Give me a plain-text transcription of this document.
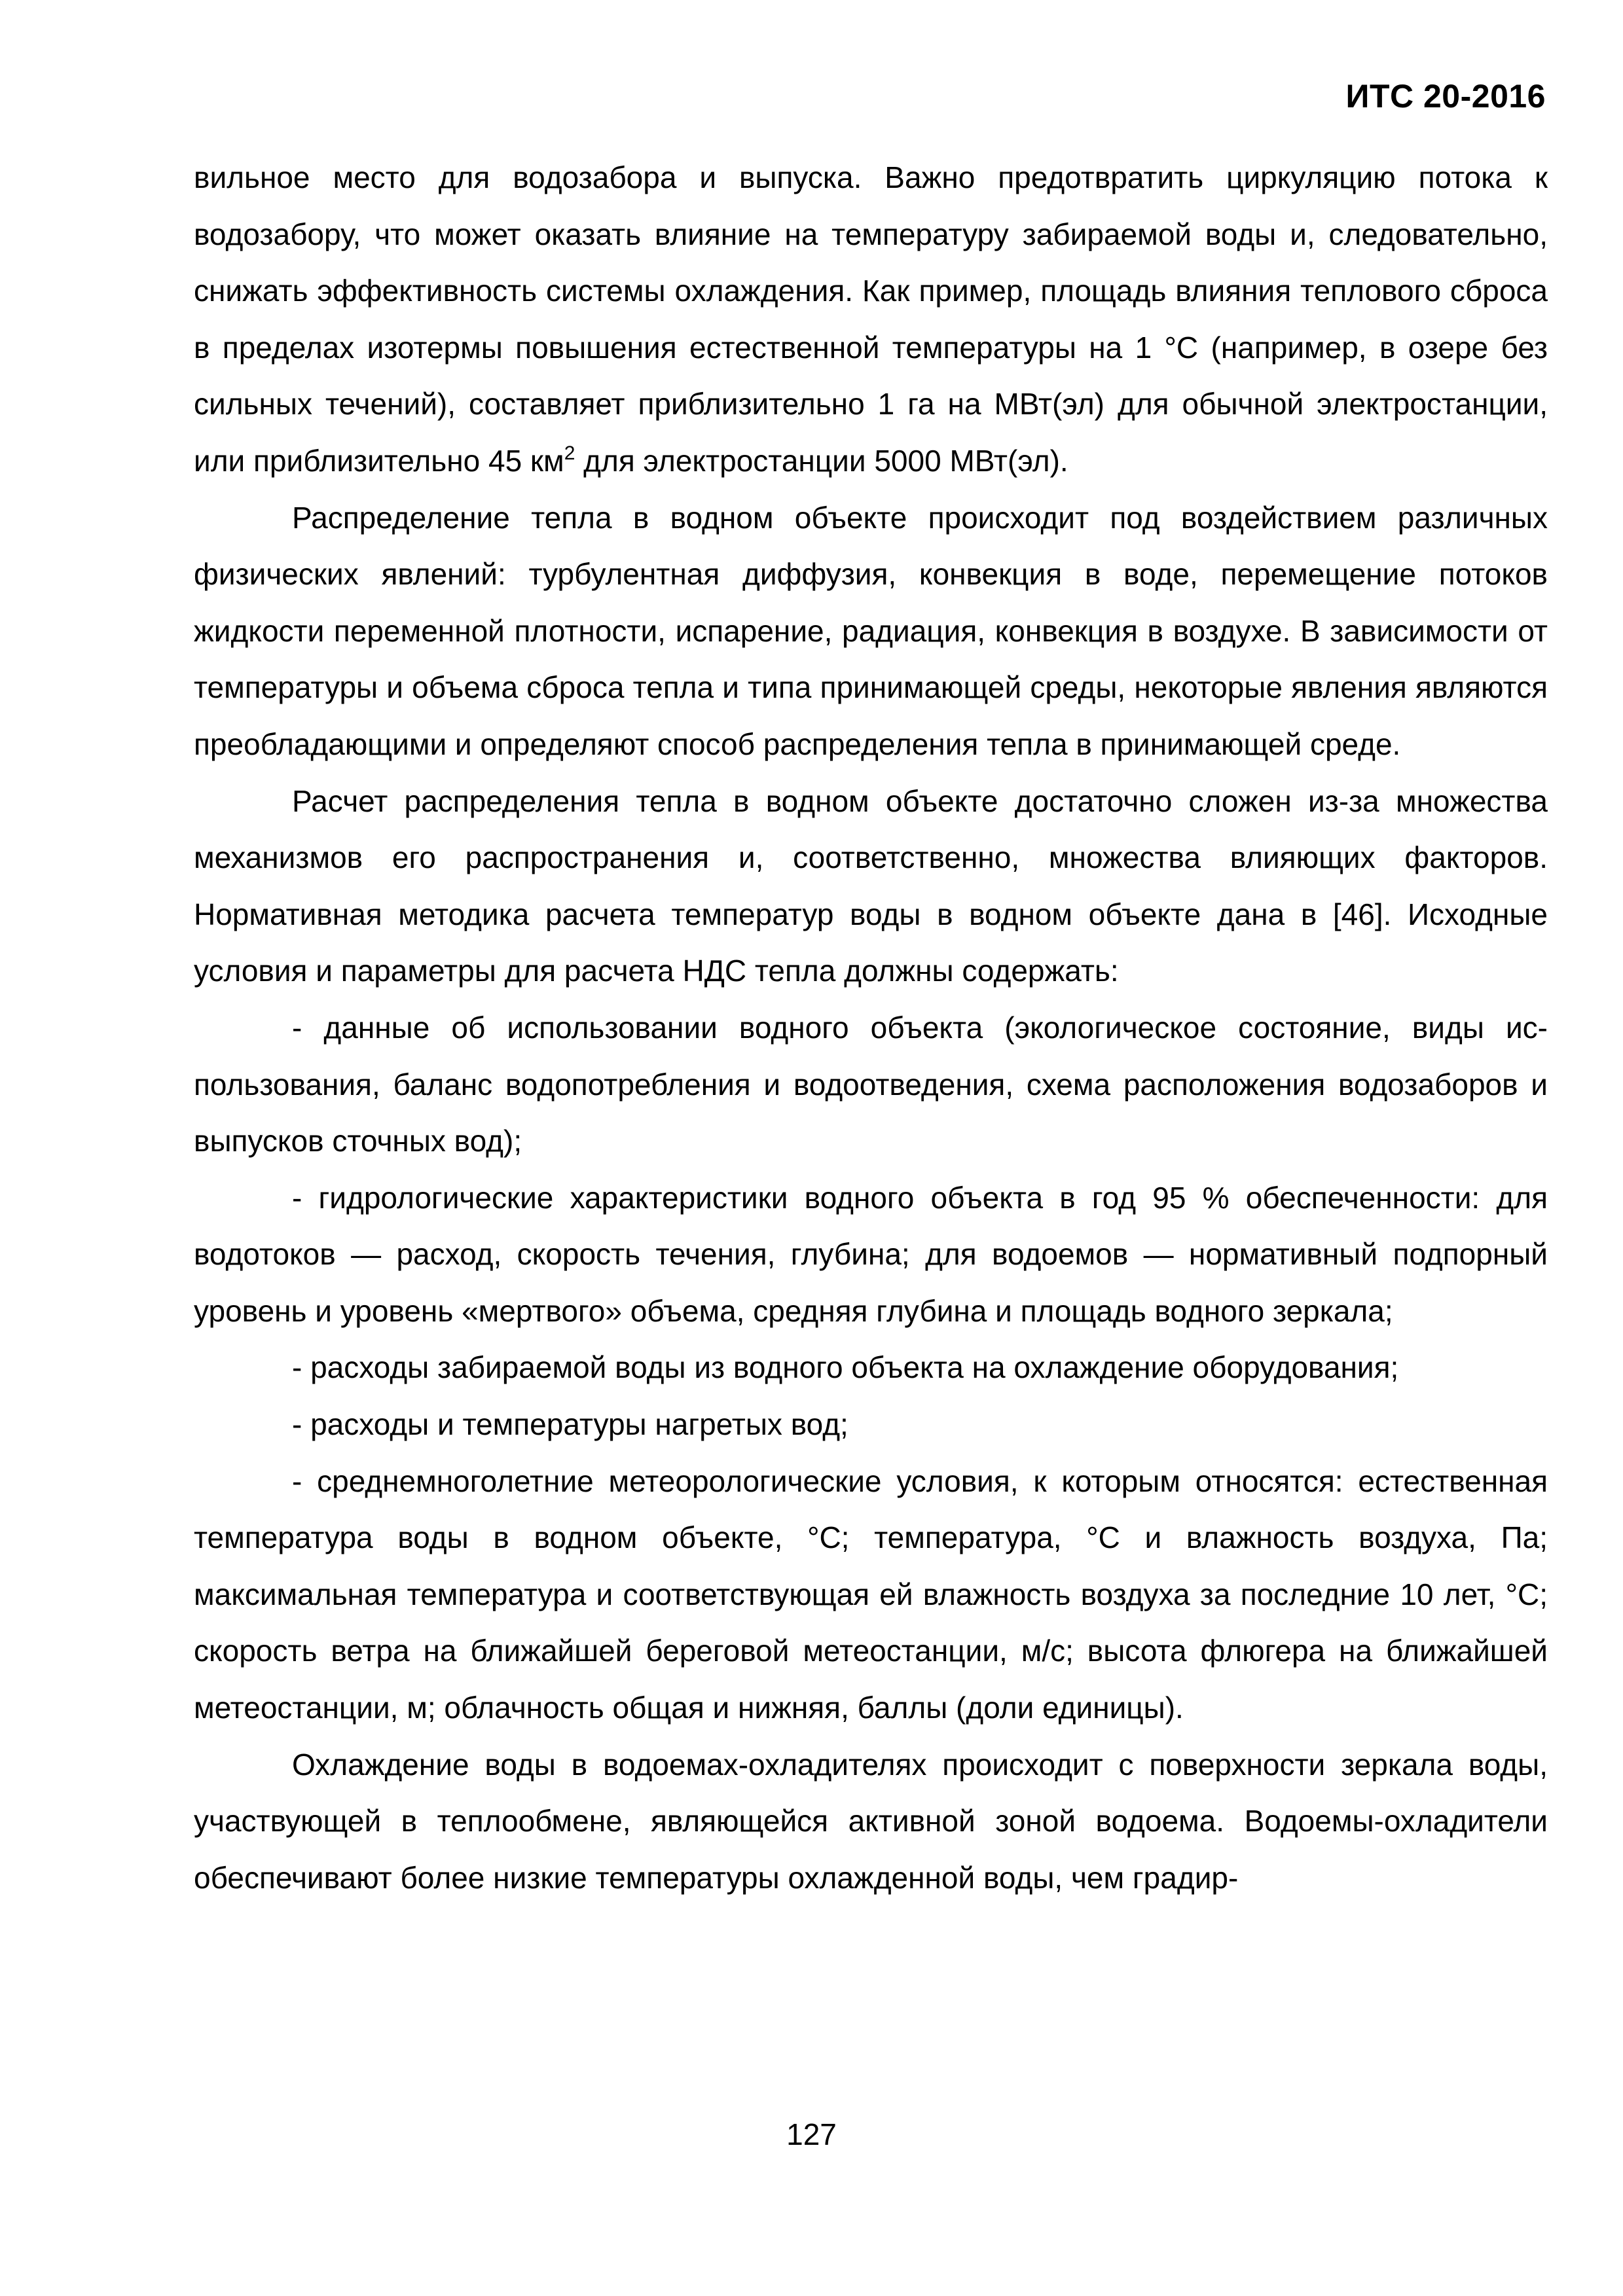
ИТС 20-2016

вильное место для водозабора и выпуска. Важно предотвратить циркуляцию потока к водозабору, что может оказать влияние на температуру забираемой воды и, следовательно, снижать эффективность системы охлаждения. Как пример, площадь влияния теплового сброса в пределах изотермы повышения естественной температуры на 1 °C (например, в озере без сильных течений), составляет приблизительно 1 га на МВт(эл) для обычной электростанции, или приблизительно 45 $км^2$ для электростанции 5000 МВт(эл).

Распределение тепла в водном объекте происходит под воздействием различных физических явлений: турбулентная диффузия, конвекция в воде, перемещение потоков жидкости переменной плотности, испарение, радиация, конвекция в воздухе. В зависимости от температуры и объема сброса тепла и типа принимающей среды, некоторые явления являются преобладающими и определяют способ распределения тепла в принимающей среде.

Расчет распределения тепла в водном объекте достаточно сложен из-за множества механизмов его распространения и, соответственно, множества влияющих факторов. Нормативная методика расчета температур воды в водном объекте дана в [46]. Исходные условия и параметры для расчета НДС тепла должны содержать:

- данные об использовании водного объекта (экологическое состояние, виды использования, баланс водопотребления и водоотведения, схема расположения водозаборов и выпусков сточных вод);

- гидрологические характеристики водного объекта в год 95 % обеспеченности: для водотоков — расход, скорость течения, глубина; для водоемов — нормативный подпорный уровень и уровень «мертвого» объема, средняя глубина и площадь водного зеркала;

- расходы забираемой воды из водного объекта на охлаждение оборудования;

- расходы и температуры нагретых вод;

- среднемноголетние метеорологические условия, к которым относятся: естественная температура воды в водном объекте, °C; температура, °C и влажность воздуха, Па; максимальная температура и соответствующая ей влажность воздуха за последние 10 лет, °C; скорость ветра на ближайшей береговой метеостанции, м/с; высота флюгера на ближайшей метеостанции, м; облачность общая и нижняя, баллы (доли единицы).

Охлаждение воды в водоемах-охладителях происходит с поверхности зеркала воды, участвующей в теплообмене, являющейся активной зоной водоема. Водоемы-охладители обеспечивают более низкие температуры охлажденной воды, чем градир-

127
